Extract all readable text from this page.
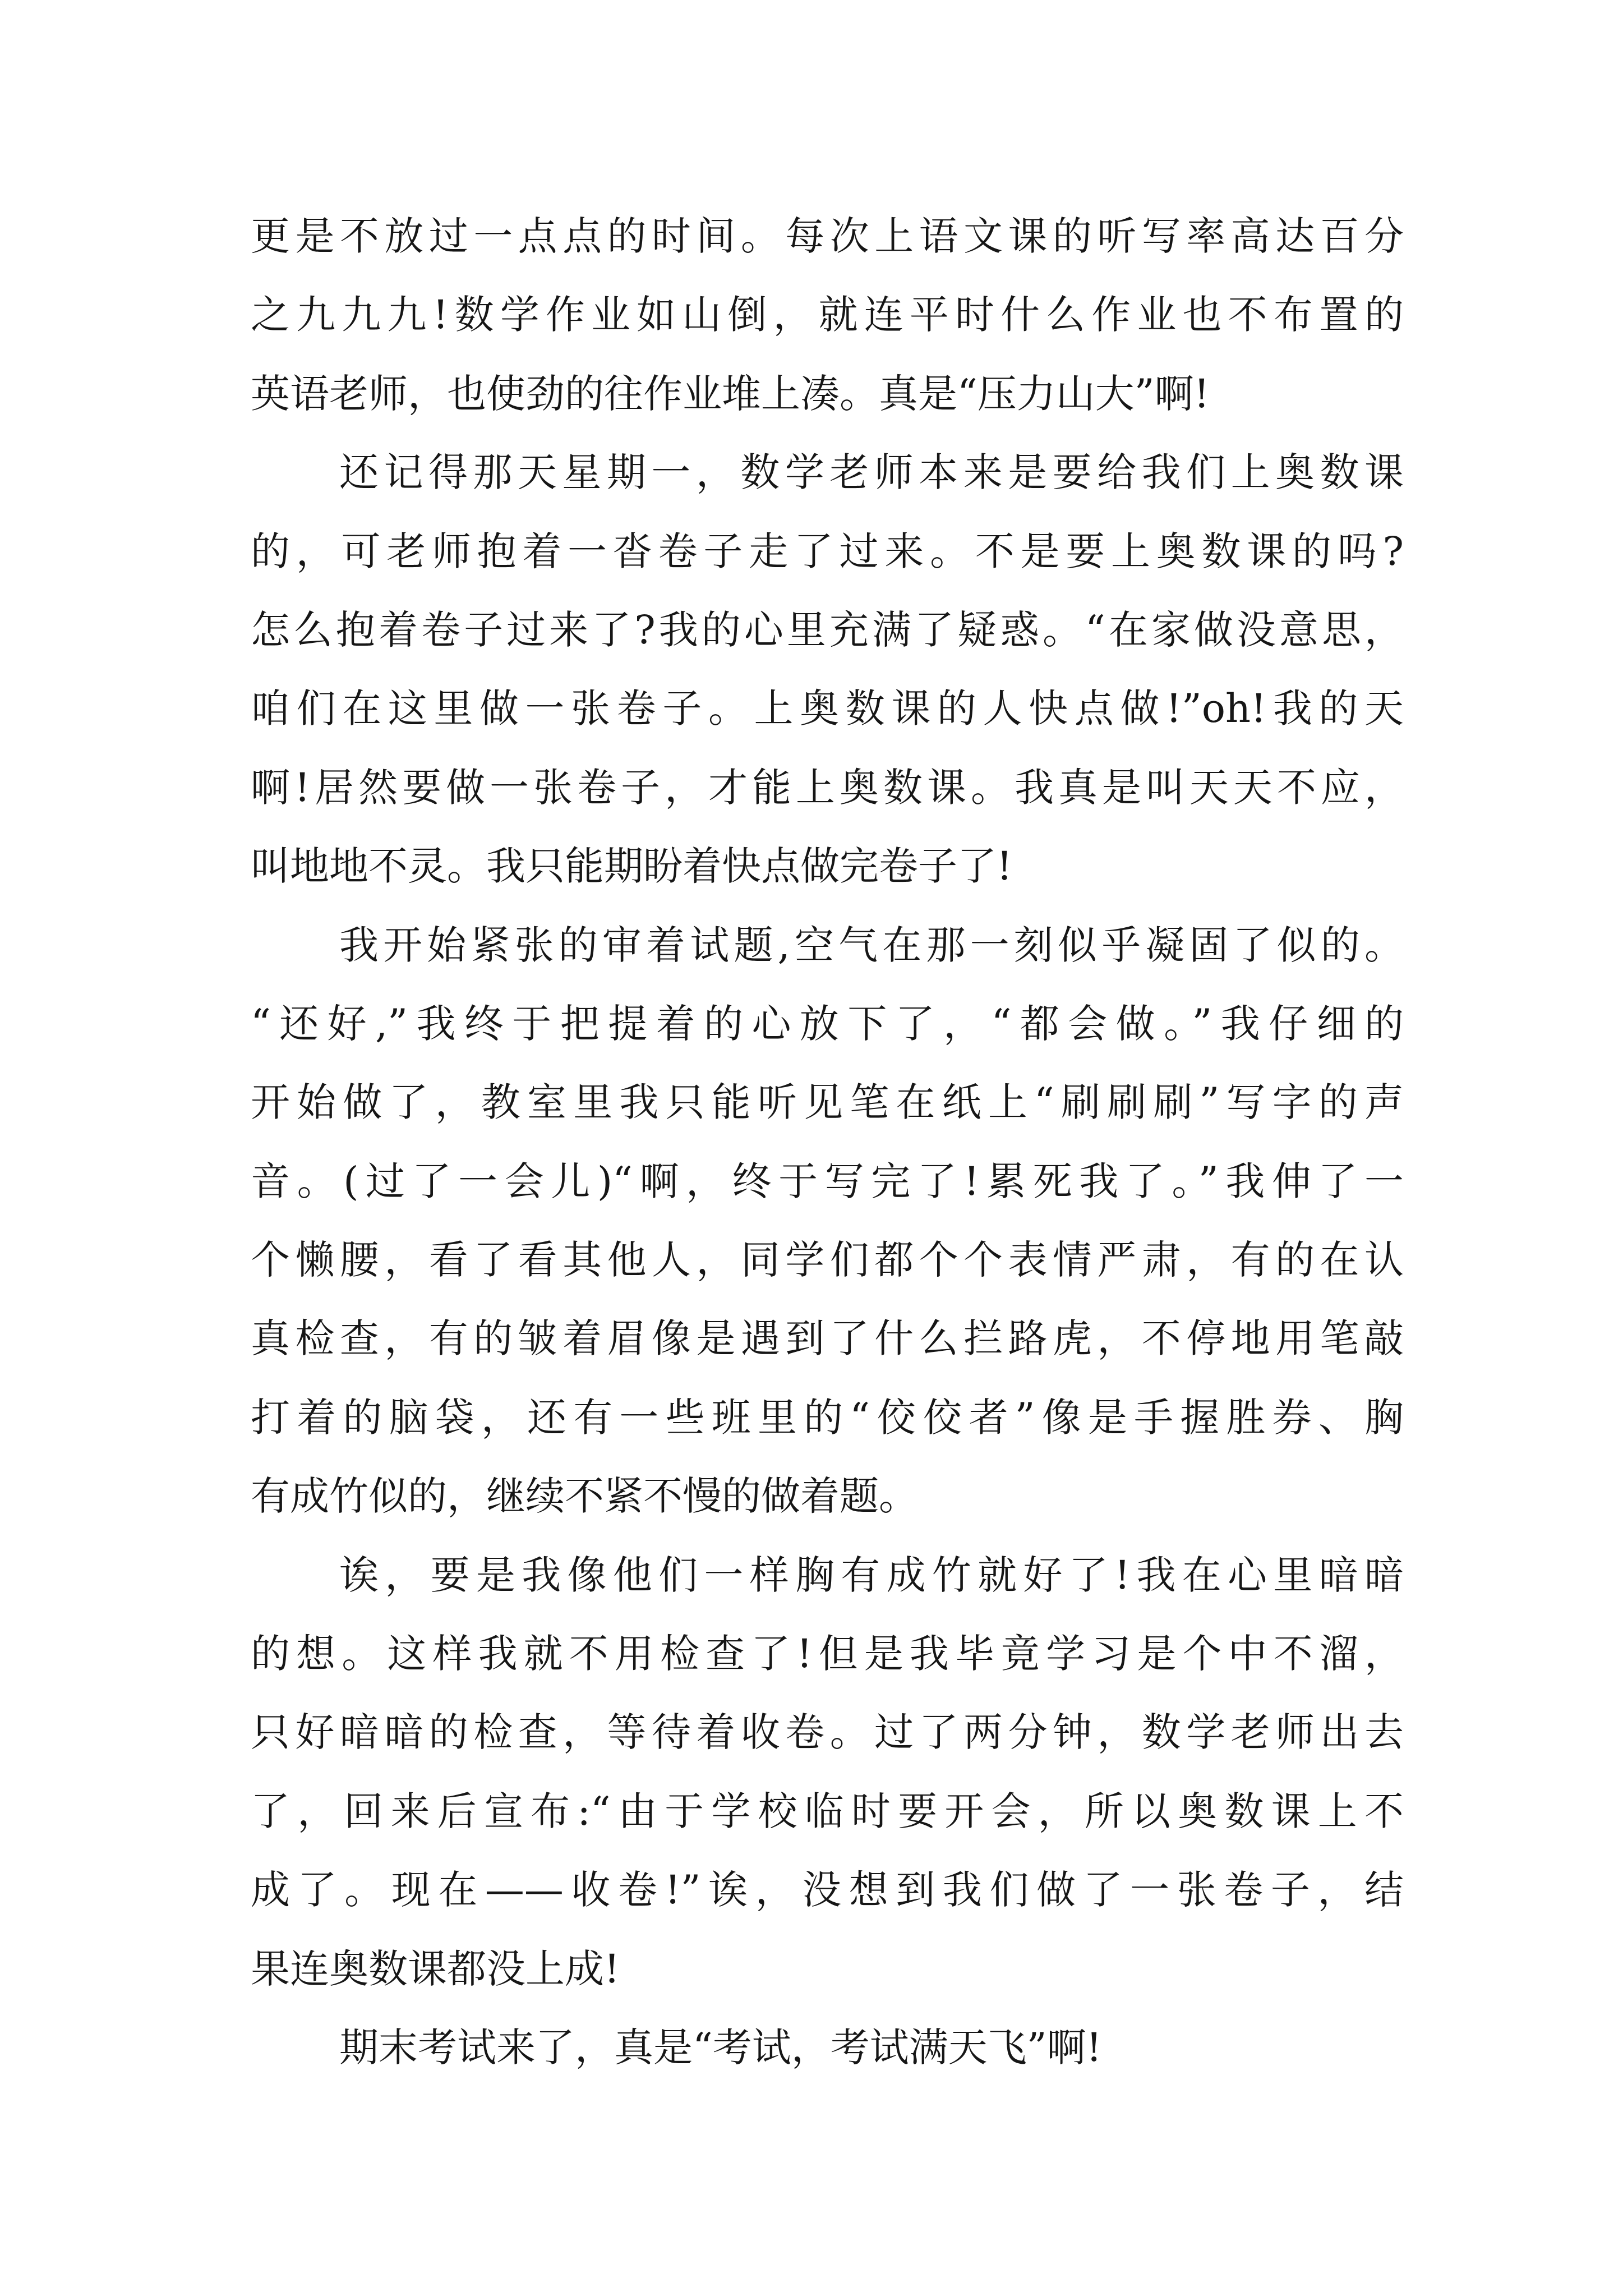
更是不放过一点点的时间。每次上语文课的听写率高达百分
之九九九!数学作业如山倒，就连平时什么作业也不布置的
英语老师，也使劲的往作业堆上凑。真是“压力山大”啊!
还记得那天星期一，数学老师本来是要给我们上奥数课
的，可老师抱着一沓卷子走了过来。不是要上奥数课的吗?
怎么抱着卷子过来了?我的心里充满了疑惑。“在家做没意思，
咱们在这里做一张卷子。上奥数课的人快点做!”oh!我的天
啊!居然要做一张卷子，才能上奥数课。我真是叫天天不应，
叫地地不灵。我只能期盼着快点做完卷子了!
我开始紧张的审着试题,空气在那一刻似乎凝固了似的。
“还好,”我终于把提着的心放下了，“都会做。”我仔细的
开始做了，教室里我只能听见笔在纸上“刷刷刷”写字的声
音。(过了一会儿)“啊，终于写完了!累死我了。”我伸了一
个懒腰，看了看其他人，同学们都个个表情严肃，有的在认
真检查，有的皱着眉像是遇到了什么拦路虎，不停地用笔敲
打着的脑袋，还有一些班里的“佼佼者”像是手握胜券、胸
有成竹似的，继续不紧不慢的做着题。
诶，要是我像他们一样胸有成竹就好了!我在心里暗暗
的想。这样我就不用检查了!但是我毕竟学习是个中不溜，
只好暗暗的检查，等待着收卷。过了两分钟，数学老师出去
了，回来后宣布:“由于学校临时要开会，所以奥数课上不
成了。现在——收卷!”诶，没想到我们做了一张卷子，结
果连奥数课都没上成!
期末考试来了，真是“考试，考试满天飞”啊!
